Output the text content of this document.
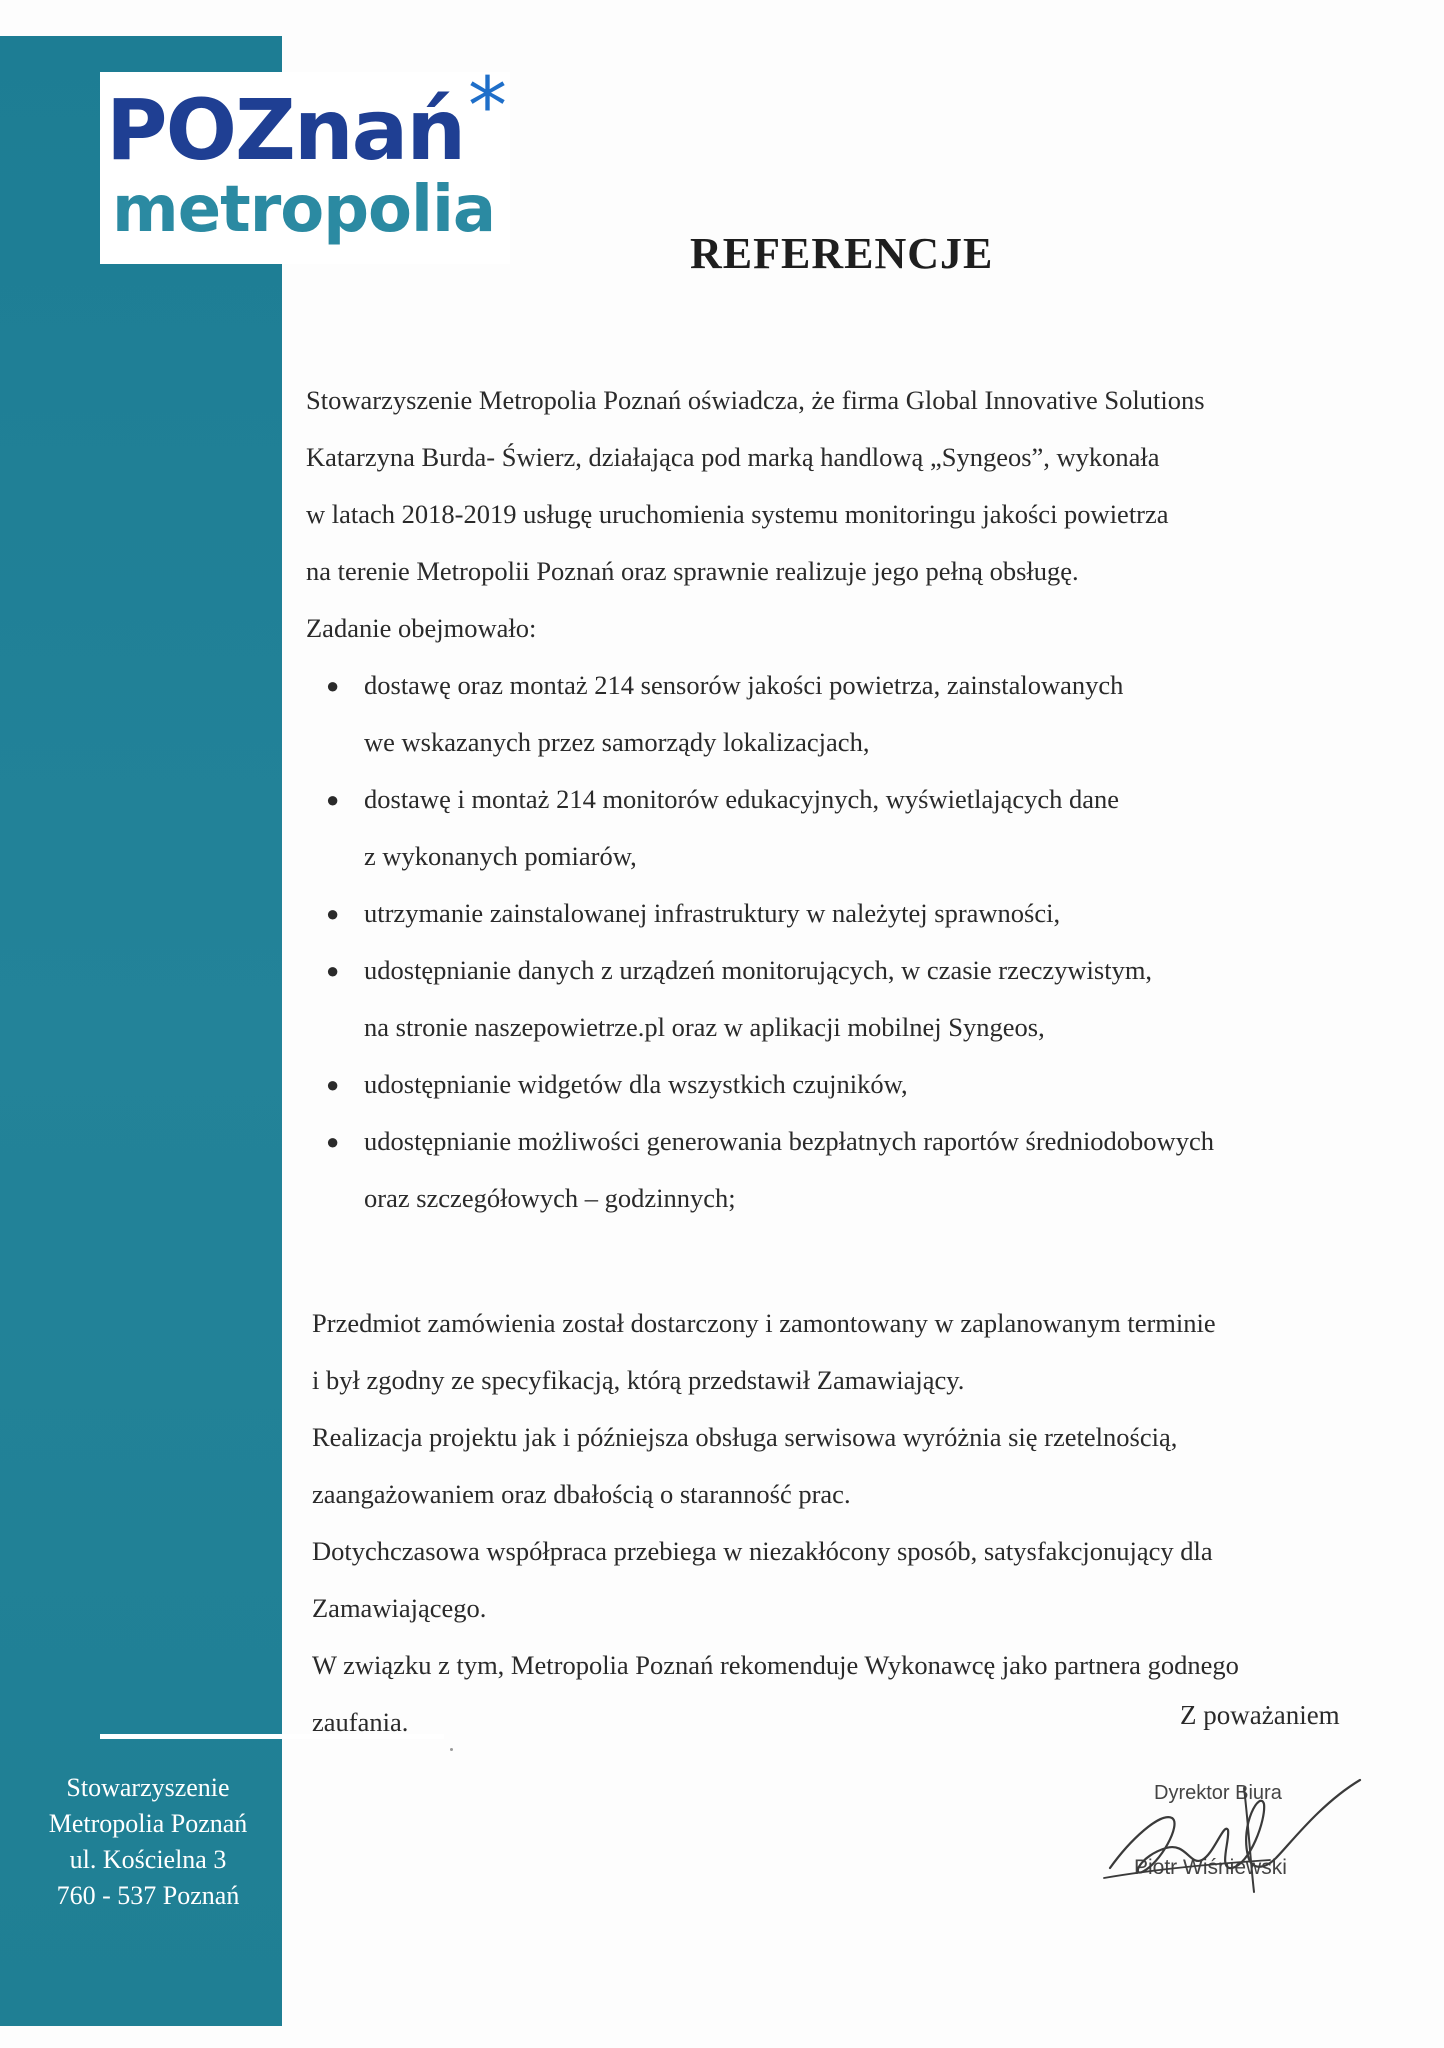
POZnań *
metropolia
Stowarzyszenie
Metropolia Poznań
ul. Kościelna 3
760 - 537 Poznań
REFERENCJE

Stowarzyszenie Metropolia Poznań oświadcza, że firma Global Innovative Solutions
Katarzyna Burda- Świerz, działająca pod marką handlową „Syngeos”, wykonała
w latach 2018-2019 usługę uruchomienia systemu monitoringu jakości powietrza
na terenie Metropolii Poznań oraz sprawnie realizuje jego pełną obsługę.
Zadanie obejmowało:

● dostawę oraz montaż 214 sensorów jakości powietrza, zainstalowanych
we wskazanych przez samorządy lokalizacjach,
● dostawę i montaż 214 monitorów edukacyjnych, wyświetlających dane
z wykonanych pomiarów,
● utrzymanie zainstalowanej infrastruktury w należytej sprawności,
● udostępnianie danych z urządzeń monitorujących, w czasie rzeczywistym,
na stronie naszepowietrze.pl oraz w aplikacji mobilnej Syngeos,
● udostępnianie widgetów dla wszystkich czujników,
● udostępnianie możliwości generowania bezpłatnych raportów średniodobowych
oraz szczegółowych – godzinnych;

Przedmiot zamówienia został dostarczony i zamontowany w zaplanowanym terminie
i był zgodny ze specyfikacją, którą przedstawił Zamawiający.
Realizacja projektu jak i późniejsza obsługa serwisowa wyróżnia się rzetelnością,
zaangażowaniem oraz dbałością o staranność prac.
Dotychczasowa współpraca przebiega w niezakłócony sposób, satysfakcjonujący dla
Zamawiającego.
W związku z tym, Metropolia Poznań rekomenduje Wykonawcę jako partnera godnego
zaufania.	Z poważaniem
Dyrektor Biura
Piotr Wiśniewski
